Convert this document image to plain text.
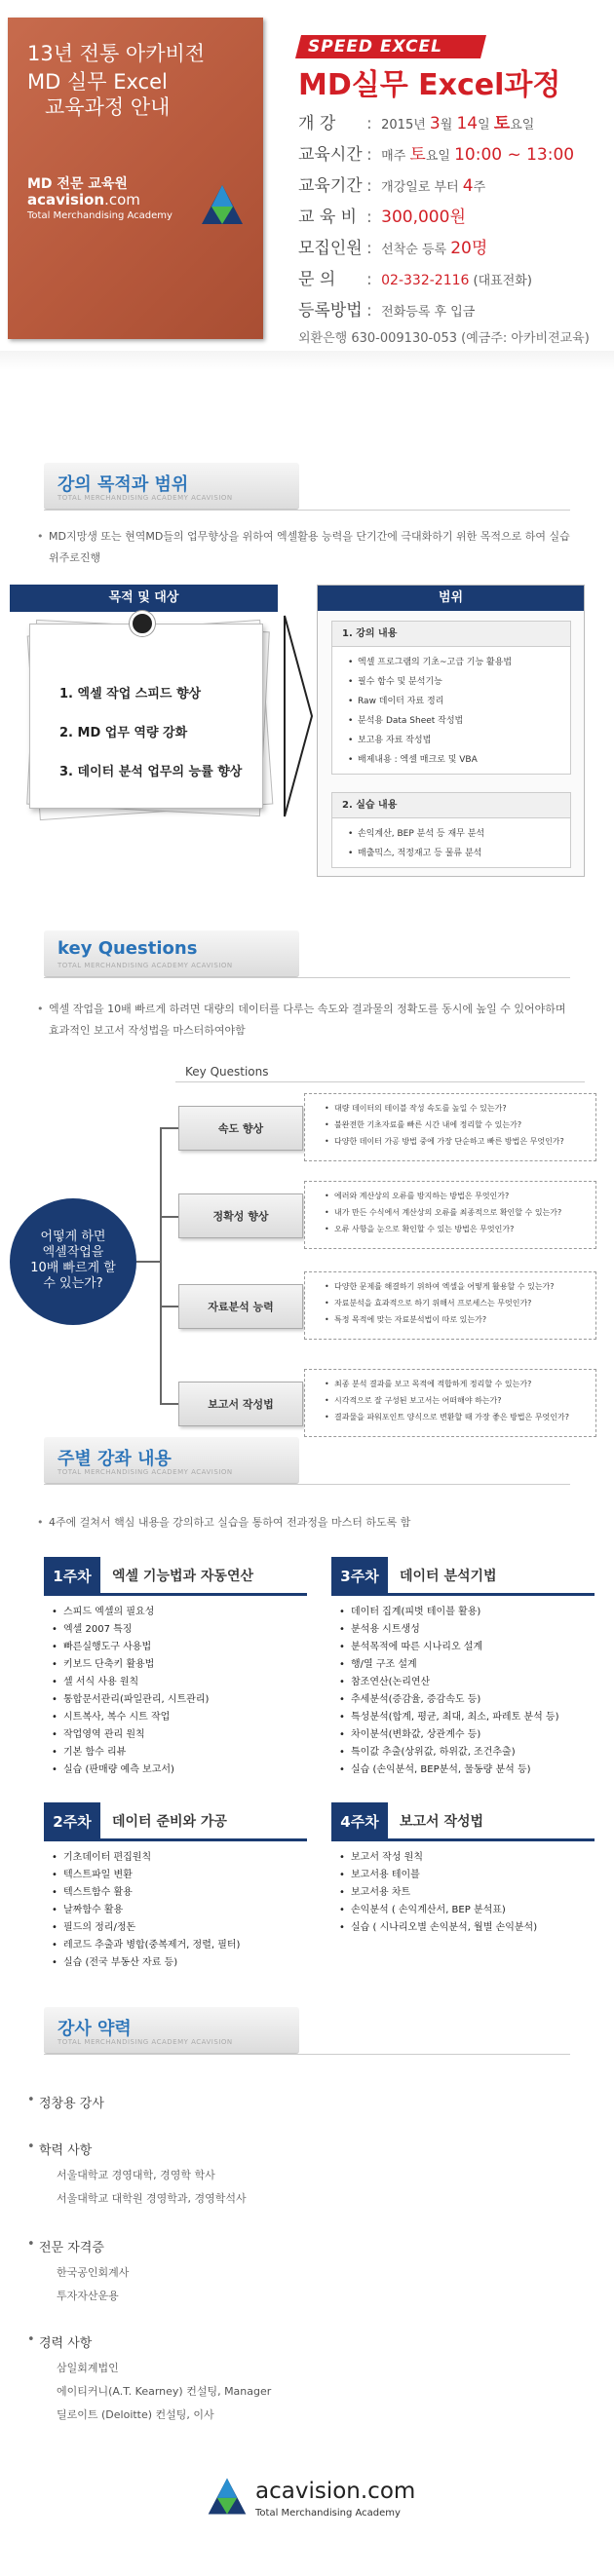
13년 전통 아카비전
MD 실무 Excel
교육과정 안내
MD 전문 교육원
acavision.com
Total Merchandising Academy
SPEED EXCEL
MD실무 Excel과정
개 강 : 2015년 3월 14일 토요일
교육시간 : 매주 토요일 10:00 ~ 13:00
교육기간 : 개강일로 부터 4주
교 육 비 : 300,000원
모집인원 : 선착순 등록 20명
문 의 : 02-332-2116 (대표전화)
등록방법 : 전화등록 후 입금
외환은행 630-009130-053 (예금주: 아카비젼교육)
강의 목적과 범위
TOTAL MERCHANDISING ACADEMY ACAVISION
• MD지망생 또는 현역MD들의 업무향상을 위하여 엑셀활용 능력을 단기간에 극대화하기 위한 목적으로 하여 실습위주로진행
목적 및 대상
1. 엑셀 작업 스피드 향상
2. MD 업무 역량 강화
3. 데이터 분석 업무의 능률 향상
범위
1. 강의 내용
• 엑셀 프로그램의 기초~고급 기능 활용법
• 필수 함수 및 분석기능
• Raw 데이터 자료 정리
• 분석용 Data Sheet 작성법
• 보고용 자료 작성법
• 배제내용 : 엑셀 매크로 및 VBA
2. 실습 내용
• 손익계산, BEP 분석 등 재무 분석
• 매출믹스, 적정재고 등 물류 분석
key Questions
TOTAL MERCHANDISING ACADEMY ACAVISION
• 엑셀 작업을 10배 빠르게 하려면 대량의 데이터를 다루는 속도와 결과물의 정확도를 동시에 높일 수 있어야하며 효과적인 보고서 작성법을 마스터하여야함
Key Questions
어떻게 하면
엑셀작업을
10배 빠르게 할
수 있는가?
속도 향상
• 대량 데이터의 테이블 작성 속도를 높일 수 있는가?
• 불완전한 기초자료를 빠른 시간 내에 정리할 수 있는가?
• 다양한 데이터 가공 방법 중에 가장 단순하고 빠른 방법은 무엇인가?
정확성 향상
• 에러와 계산상의 오류를 방지하는 방법은 무엇인가?
• 내가 만든 수식에서 계산상의 오류를 최종적으로 확인할 수 있는가?
• 오류 사항을 눈으로 확인할 수 있는 방법은 무엇인가?
자료분석 능력
• 다양한 문제를 해결하기 위하여 엑셀을 어떻게 활용할 수 있는가?
• 자료분석을 효과적으로 하기 위해서 프로세스는 무엇인가?
• 특정 목적에 맞는 자료분석법이 따로 있는가?
보고서 작성법
• 최종 분석 결과를 보고 목적에 적합하게 정리할 수 있는가?
• 시각적으로 잘 구성된 보고서는 어떠해야 하는가?
• 결과물을 파워포인트 양식으로 변환할 때 가장 좋은 방법은 무엇인가?
주별 강좌 내용
TOTAL MERCHANDISING ACADEMY ACAVISION
• 4주에 걸쳐서 핵심 내용을 강의하고 실습을 통하여 전과정을 마스터 하도록 함
1주차	엑셀 기능법과 자동연산
• 스피드 엑셀의 필요성
• 엑셀 2007 특징
• 빠른실행도구 사용법
• 키보드 단축키 활용법
• 셀 서식 사용 원칙
• 통합문서관리(파일관리, 시트관리)
• 시트복사, 복수 시트 작업
• 작업영역 관리 원칙
• 기본 함수 리뷰
• 실습 (판매량 예측 보고서)
2주차	데이터 준비와 가공
• 기초데이터 편집원칙
• 텍스트파일 변환
• 텍스트함수 활용
• 날짜함수 활용
• 필드의 정리/정돈
• 레코드 추출과 병합(중복제거, 정렬, 필터)
• 실습 (전국 부동산 자료 등)
3주차	데이터 분석기법
• 데이터 집계(피벗 테이블 활용)
• 분석용 시트생성
• 분석목적에 따른 시나리오 설계
• 행/열 구조 설계
• 참조연산(논리연산
• 추세분석(증감율, 증감속도 등)
• 특성분석(합계, 평균, 최대, 최소, 파레토 분석 등)
• 차이분석(변화값, 상관계수 등)
• 특이값 추출(상위값, 하위값, 조건추출)
• 실습 (손익분석, BEP분석, 물동량 분석 등)
4주차	보고서 작성법
• 보고서 작성 원칙
• 보고서용 테이블
• 보고서용 차트
• 손익분석 ( 손익계산서, BEP 분석표)
• 실습 ( 시나리오별 손익분석, 월별 손익분석)
강사 약력
TOTAL MERCHANDISING ACADEMY ACAVISION
• 정창용 강사
• 학력 사항
서울대학교 경영대학, 경영학 학사
서울대학교 대학원 경영학과, 경영학석사
• 전문 자격증
한국공인회계사
투자자산운용
• 경력 사항
삼일회계법인
에이티커니(A.T. Kearney) 컨설팅, Manager
딜로이트 (Deloitte) 컨설팅, 이사
acavision.com
Total Merchandising Academy
